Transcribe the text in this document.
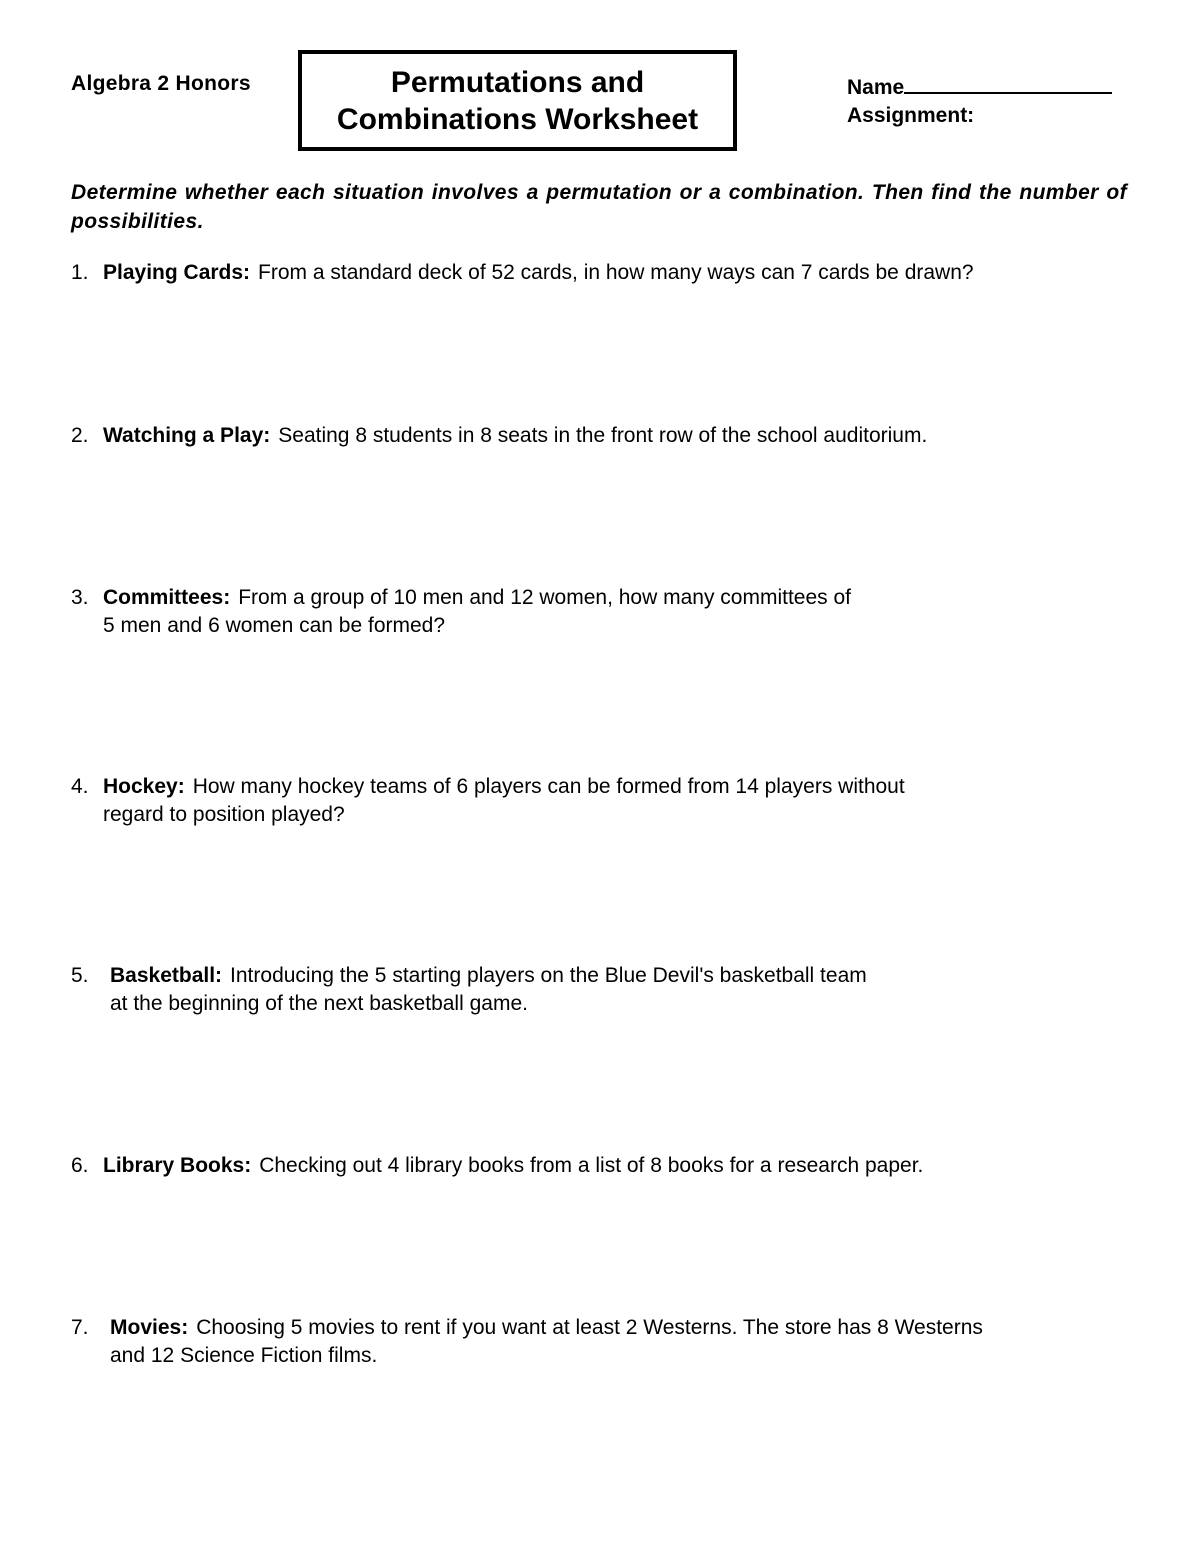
Algebra 2 Honors	Permutations and
Combinations Worksheet
Name
Assignment:
Determine whether each situation involves a permutation or a combination. Then find the number of possibilities.
1. Playing Cards: From a standard deck of 52 cards, in how many ways can 7 cards be drawn?
2. Watching a Play: Seating 8 students in 8 seats in the front row of the school auditorium.
3. Committees: From a group of 10 men and 12 women, how many committees of
5 men and 6 women can be formed?
4. Hockey: How many hockey teams of 6 players can be formed from 14 players without
regard to position played?
5. Basketball: Introducing the 5 starting players on the Blue Devil's basketball team
at the beginning of the next basketball game.
6. Library Books: Checking out 4 library books from a list of 8 books for a research paper.
7. Movies: Choosing 5 movies to rent if you want at least 2 Westerns. The store has 8 Westerns
and 12 Science Fiction films.
